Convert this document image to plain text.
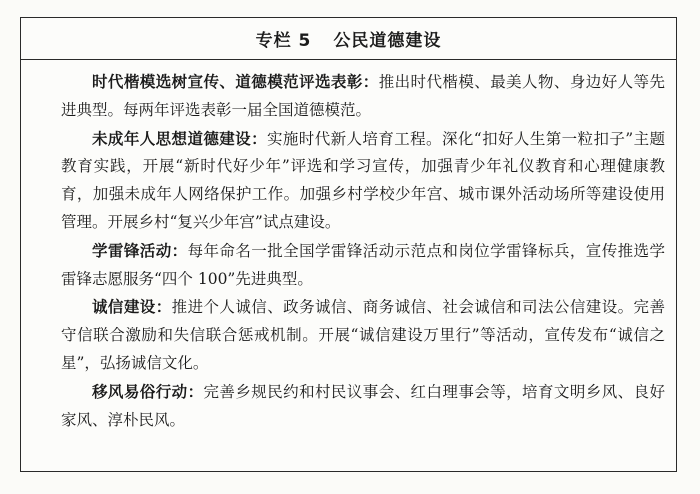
专栏 5 公民道德建设

时代楷模选树宣传、道德模范评选表彰：推出时代楷模、最美人物、身边好人等先进典型。每两年评选表彰一届全国道德模范。

未成年人思想道德建设：实施时代新人培育工程。深化“扣好人生第一粒扣子”主题教育实践，开展“新时代好少年”评选和学习宣传，加强青少年礼仪教育和心理健康教育，加强未成年人网络保护工作。加强乡村学校少年宫、城市课外活动场所等建设使用管理。开展乡村“复兴少年宫”试点建设。

学雷锋活动：每年命名一批全国学雷锋活动示范点和岗位学雷锋标兵，宣传推选学雷锋志愿服务“四个 100”先进典型。

诚信建设：推进个人诚信、政务诚信、商务诚信、社会诚信和司法公信建设。完善守信联合激励和失信联合惩戒机制。开展“诚信建设万里行”等活动，宣传发布“诚信之星”，弘扬诚信文化。

移风易俗行动：完善乡规民约和村民议事会、红白理事会等，培育文明乡风、良好家风、淳朴民风。
